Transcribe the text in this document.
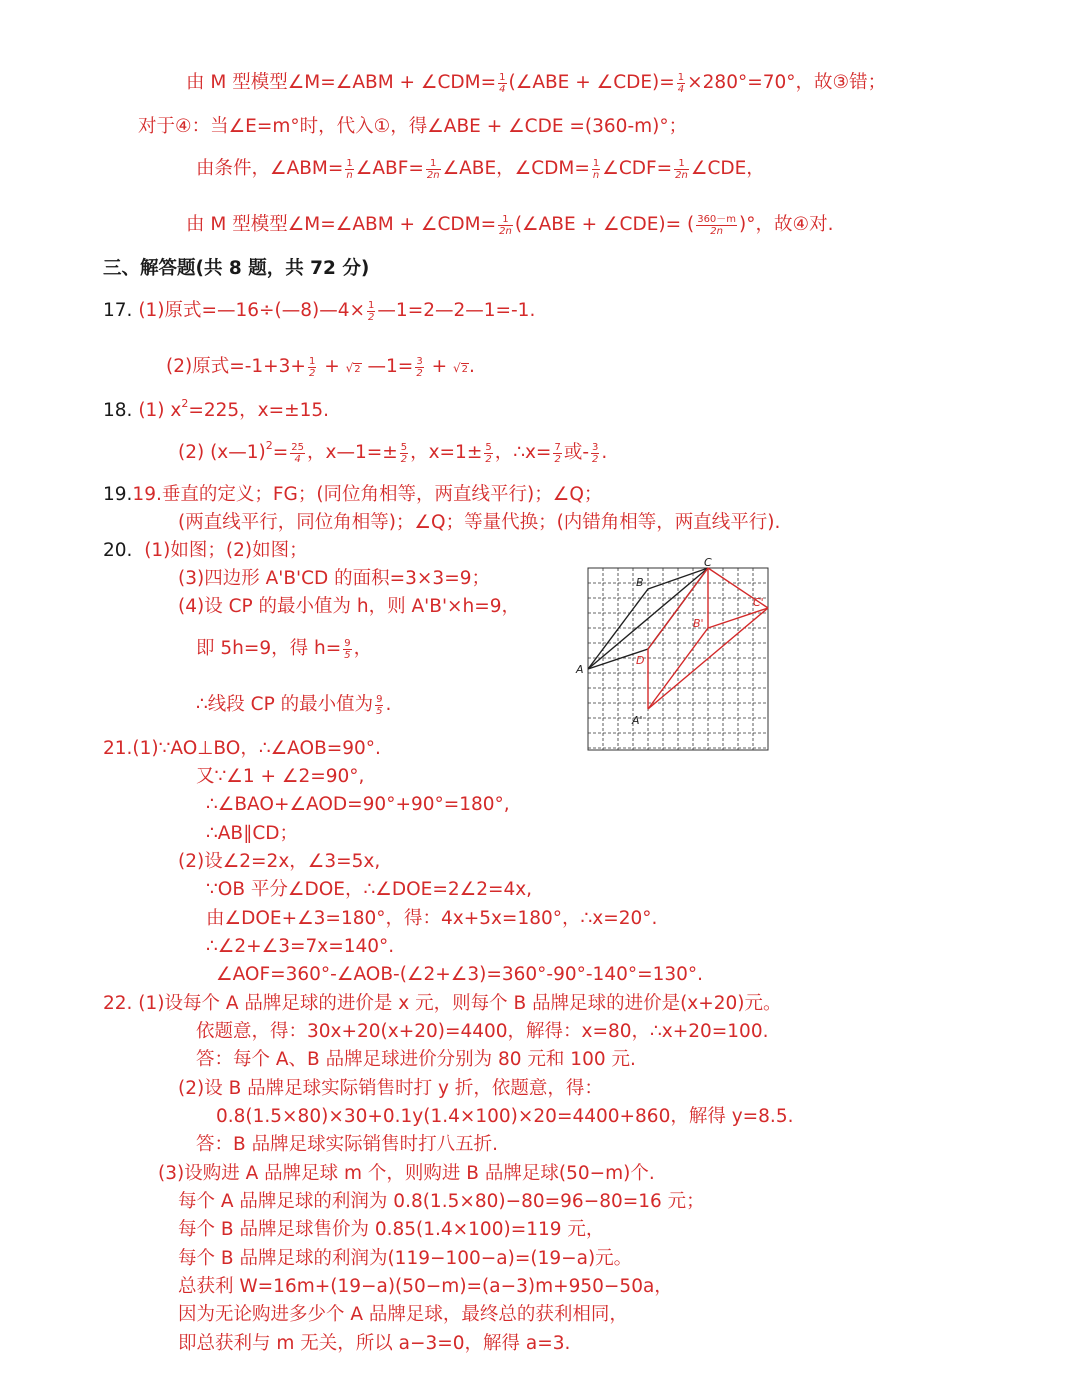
由 M 型模型∠M=∠ABM + ∠CDM= $\frac{1}{4}$ (∠ABE + ∠CDE)= $\frac{1}{4} \times 280^\circ=70^\circ$，故③错；
对于④：当∠E=m°时，代入①，得∠ABE + ∠CDE =(360-m)°；
由条件，∠ABM= $\frac{1}{n}$ ∠ABF= $\frac{1}{2n}$ ∠ABE，∠CDM= $\frac{1}{n}$ ∠CDF= $\frac{1}{2n}$ ∠CDE，
由 M 型模型∠M=∠ABM + ∠CDM= $\frac{1}{2n}$ (∠ABE + ∠CDE)= ( $\frac{360-m}{2n}$ )°，故④对.
三、解答题(共 8 题，共 72 分)
17. (1)原式=—16÷(—8)—4× $\frac{1}{2}$ —1=2—2—1=-1.
(2)原式$=-1+3+ \frac{1}{2} + √2$ —1= $\frac{3}{2} + √2$.
18. (1) $x^2=225$，x=±15.
(2) (x—1)$^2$= $\frac{25}{4}$ ，x—1=± $\frac{5}{2}$ ，$x=1\pm \frac{5}{2}$ ，∴x= $\frac{7}{2}$ 或- $\frac{3}{2}$ .
19.19.垂直的定义；FG；(同位角相等，两直线平行)；∠Q；
(两直线平行，同位角相等)；∠Q；等量代换；(内错角相等，两直线平行).
20. (1)如图；(2)如图；
(3)四边形 A'B'CD 的面积=3×3=9；
(4)设 CP 的最小值为 h，则 A'B'×h=9，
即 5h=9，得 $h= \frac{9}{5}$ ，
∴线段 CP 的最小值为 $\frac{9}{5}$ .
B
C
A
D
B'
C'
A'
21.(1)∵AO⊥BO，∴∠AOB=90°.
又∵∠1 + ∠2=90°,
∴∠BAO+∠AOD=90°+90°=180°,
∴AB∥CD；
(2)设∠2=2x，∠3=5x,
∵OB 平分∠DOE，∴∠DOE=2∠2=4x,
由∠DOE+∠3=180°，得：4x+5x=180°，∴x=20°.
∴∠2+∠3=7x=140°.
∠AOF=360°-∠AOB-(∠2+∠3)=360°-90°-140°=130°.
22. (1)设每个 A 品牌足球的进价是 x 元，则每个 B 品牌足球的进价是(x+20)元。
依题意，得：30x+20(x+20)=4400，解得：x=80，∴x+20=100.
答：每个 A、B 品牌足球进价分别为 80 元和 100 元.
(2)设 B 品牌足球实际销售时打 y 折，依题意，得：
0.8(1.5×80)×30+0.1y(1.4×100)×20=4400+860，解得 y=8.5.
答：B 品牌足球实际销售时打八五折.
(3)设购进 A 品牌足球 m 个，则购进 B 品牌足球(50−m)个.
每个 A 品牌足球的利润为 0.8(1.5×80)−80=96−80=16 元；
每个 B 品牌足球售价为 0.85(1.4×100)=119 元，
每个 B 品牌足球的利润为(119−100−a)=(19−a)元。
总获利 W=16m+(19−a)(50−m)=(a−3)m+950−50a，
因为无论购进多少个 A 品牌足球，最终总的获利相同，
即总获利与 m 无关，所以 a−3=0，解得 a=3.
